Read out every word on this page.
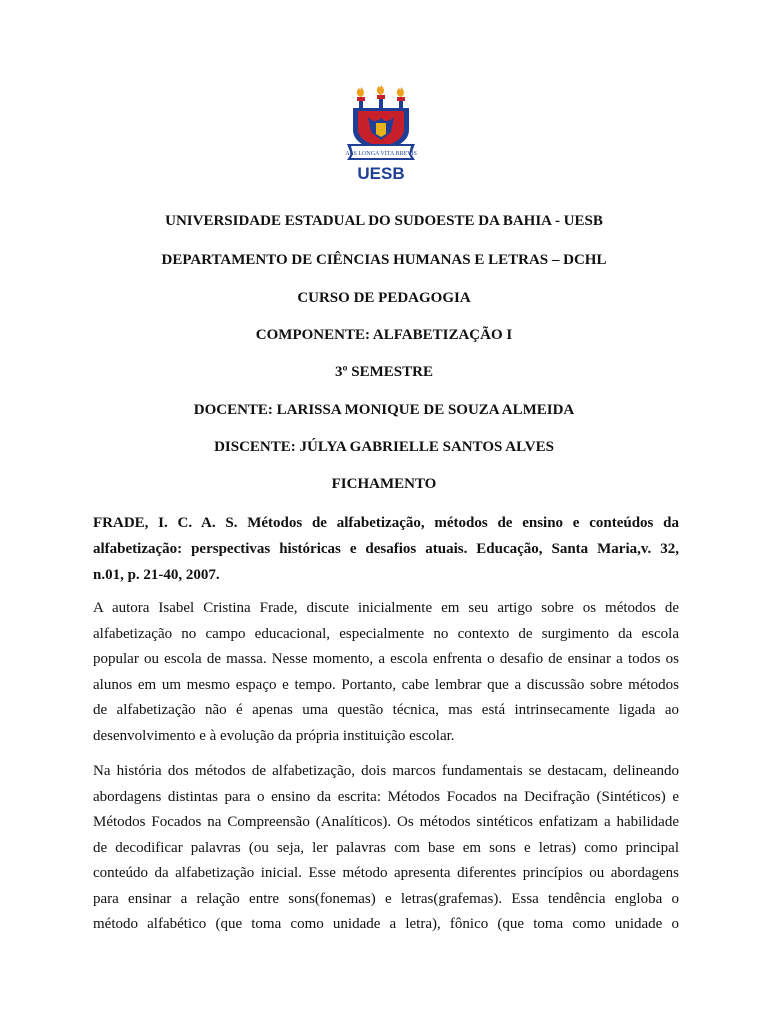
ARS LONGA VITA BREVIS
UESB
UNIVERSIDADE ESTADUAL DO SUDOESTE DA BAHIA - UESB
DEPARTAMENTO DE CIÊNCIAS HUMANAS E LETRAS – DCHL
CURSO DE PEDAGOGIA
COMPONENTE: ALFABETIZAÇÃO I
3º SEMESTRE
DOCENTE: LARISSA MONIQUE DE SOUZA ALMEIDA
DISCENTE: JÚLYA GABRIELLE SANTOS ALVES
FICHAMENTO
FRADE, I. C. A. S. Métodos de alfabetização, métodos de ensino e conteúdos da
alfabetização: perspectivas históricas e desafios atuais. Educação, Santa Maria,v. 32,
n.01, p. 21-40, 2007.
A autora Isabel Cristina Frade, discute inicialmente em seu artigo sobre os métodos de
alfabetização no campo educacional, especialmente no contexto de surgimento da escola
popular ou escola de massa. Nesse momento, a escola enfrenta o desafio de ensinar a todos os
alunos em um mesmo espaço e tempo. Portanto, cabe lembrar que a discussão sobre métodos
de alfabetização não é apenas uma questão técnica, mas está intrinsecamente ligada ao
desenvolvimento e à evolução da própria instituição escolar.
Na história dos métodos de alfabetização, dois marcos fundamentais se destacam, delineando
abordagens distintas para o ensino da escrita: Métodos Focados na Decifração (Sintéticos) e
Métodos Focados na Compreensão (Analíticos). Os métodos sintéticos enfatizam a habilidade
de decodificar palavras (ou seja, ler palavras com base em sons e letras) como principal
conteúdo da alfabetização inicial. Esse método apresenta diferentes princípios ou abordagens
para ensinar a relação entre sons(fonemas) e letras(grafemas). Essa tendência engloba o
método alfabético (que toma como unidade a letra), fônico (que toma como unidade o
